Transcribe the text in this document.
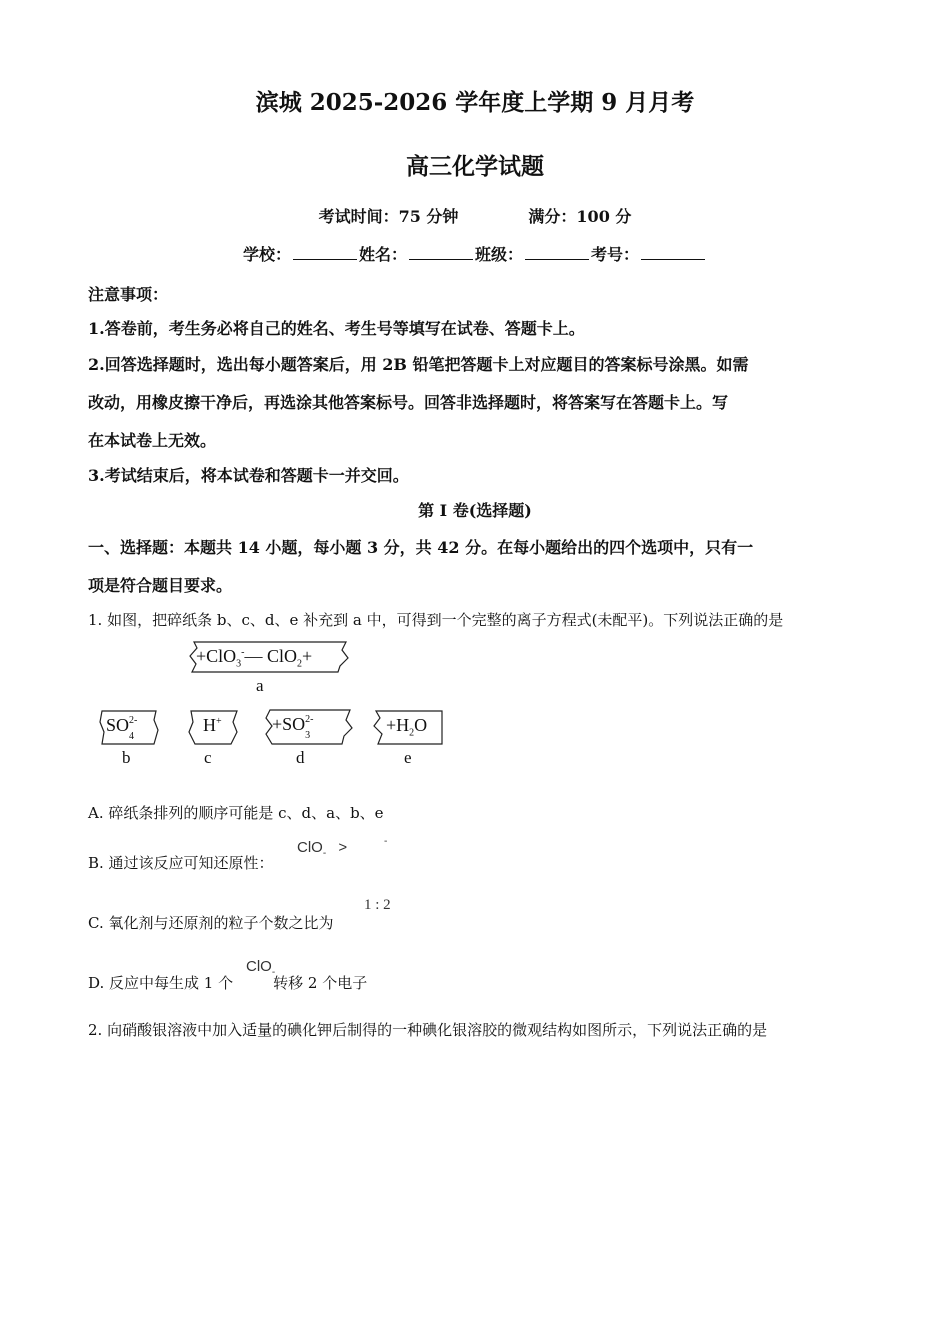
滨城 2025-2026 学年度上学期 9 月月考
高三化学试题
考试时间：75 分钟	满分：100 分
学校：	姓名：	班级：	考号：
注意事项：
1.答卷前，考生务必将自己的姓名、考生号等填写在试卷、答题卡上。
2.回答选择题时，选出每小题答案后，用 2B 铅笔把答题卡上对应题目的答案标号涂黑。如需
改动，用橡皮擦干净后，再选涂其他答案标号。回答非选择题时，将答案写在答题卡上。写
在本试卷上无效。
3.考试结束后，将本试卷和答题卡一并交回。
第 I 卷(选择题)
一、选择题：本题共 14 小题，每小题 3 分，共 42 分。在每小题给出的四个选项中，只有一
项是符合题目要求。
1. 如图，把碎纸条 b、c、d、e 补充到 a 中，可得到一个完整的离子方程式(未配平)。下列说法正确的是
+ClO$_3$-— ClO$_2$+
a
SO 2-
4
b
H+
c
+SO 2-
3
d
$+H_2O$
e
A. 碎纸条排列的顺序可能是 c、d、a、b、e
B. 通过该反应可知还原性：
ClO$_-$ >	-
C. 氧化剂与还原剂的粒子个数之比为
1 : 2
D. 反应中每生成 1 个	转移 2 个电子
ClO$_-$
2. 向硝酸银溶液中加入适量的碘化钾后制得的一种碘化银溶胶的微观结构如图所示，下列说法正确的是
